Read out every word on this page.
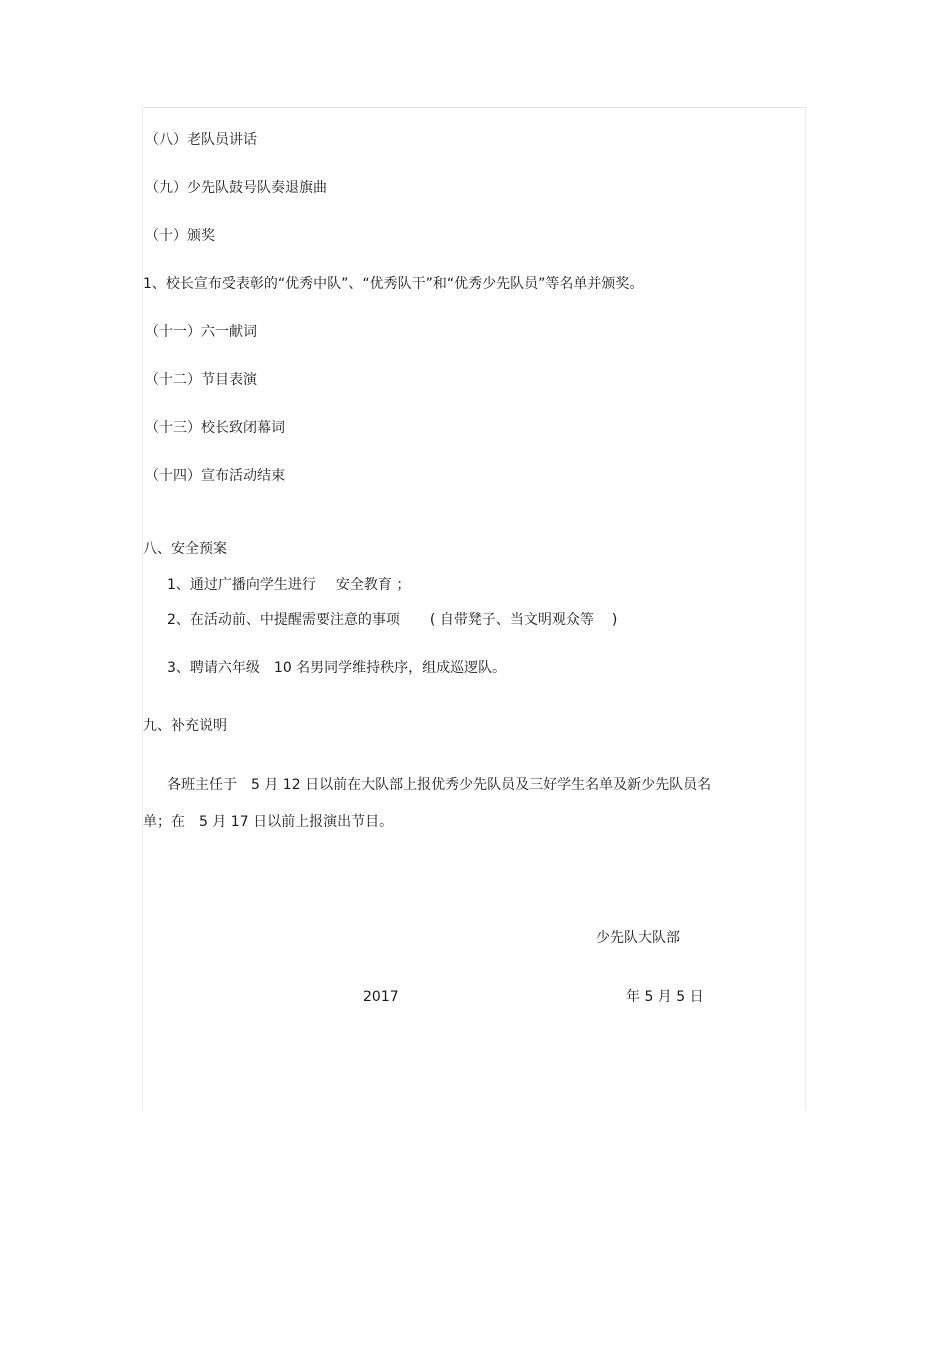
（八）老队员讲话
（九）少先队鼓号队奏退旗曲
（十）颁奖
1、校长宣布受表彰的“优秀中队”、“优秀队干”和“优秀少先队员”等名单并颁奖。
（十一）六一献词
（十二）节目表演
（十三）校长致闭幕词
（十四）宣布活动结束
八、安全预案
1、通过广播向学生进行 安全教育 ；
2、在活动前、中提醒需要注意的事项 ( 自带凳子、当文明观众等 )
3、聘请六年级 10 名男同学维持秩序，组成巡逻队。
九、补充说明
各班主任于　5 月 12 日以前在大队部上报优秀少先队员及三好学生名单及新少先队员名
单；在　5 月 17 日以前上报演出节目。
少先队大队部
2017	年 5 月 5 日
